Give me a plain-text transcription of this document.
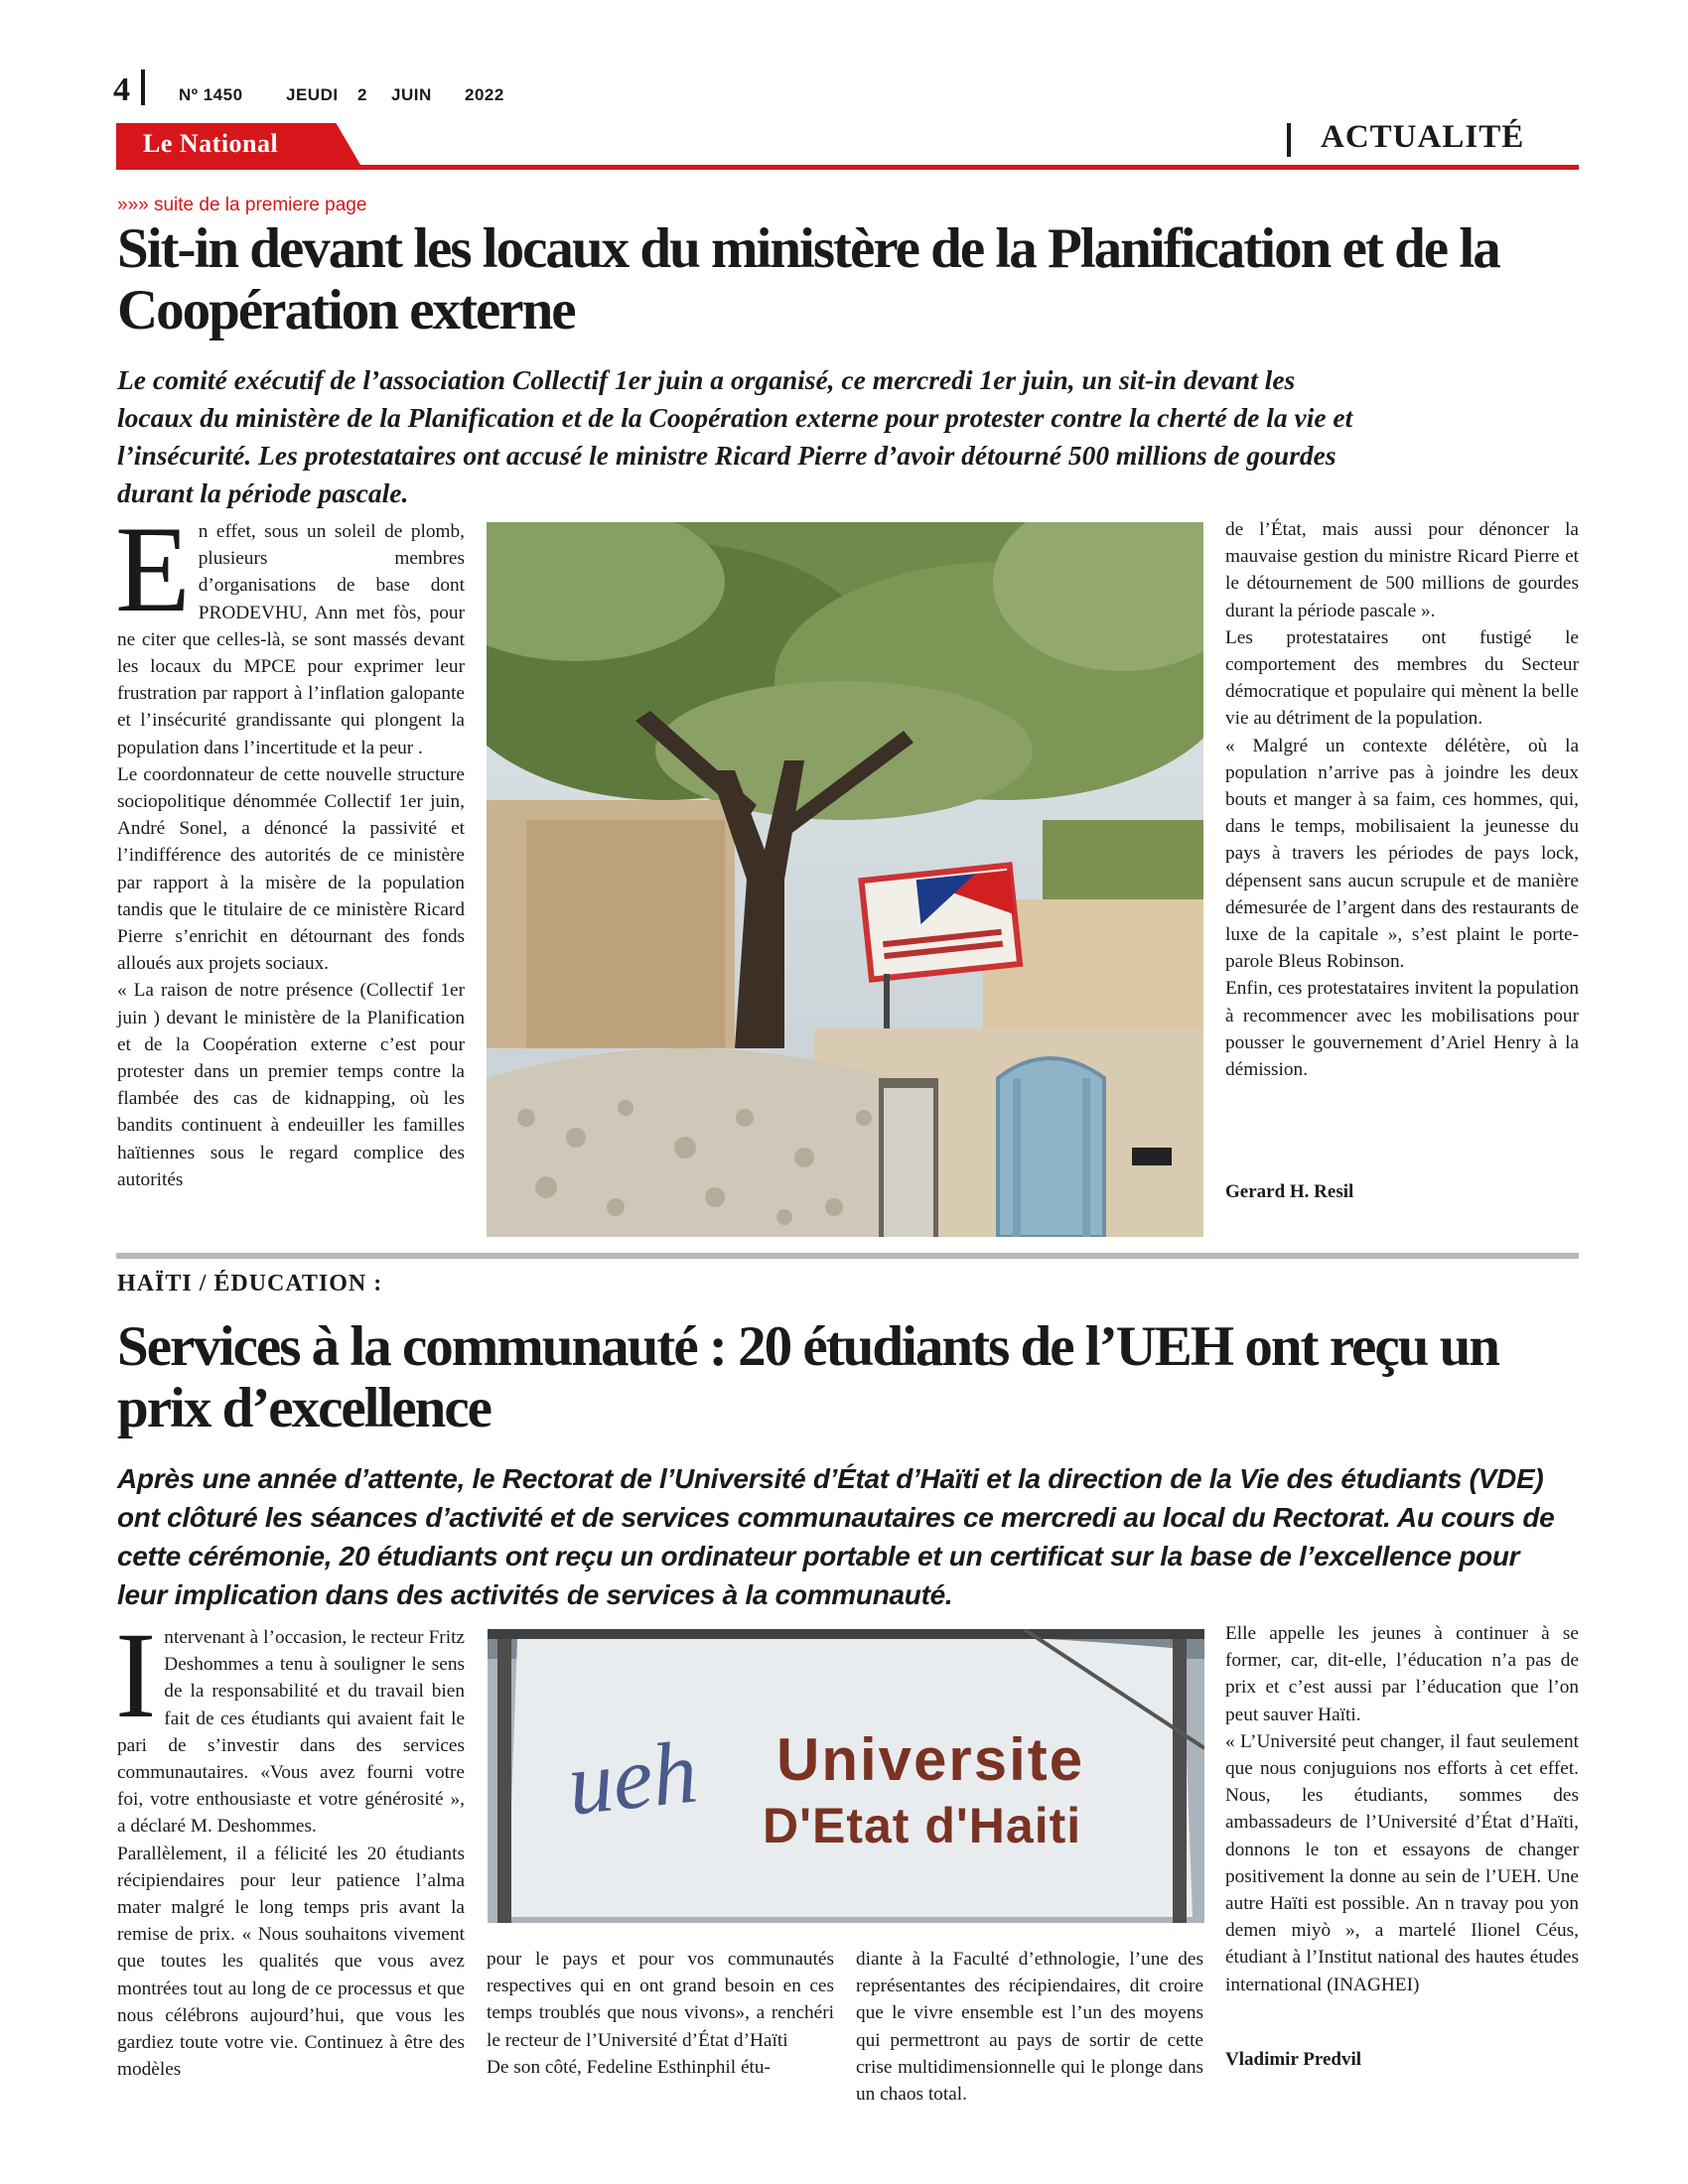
4	Nº 1450	JEUDI 2 JUIN 2022
Le National	ACTUALITÉ
»»» suite de la premiere page
Sit-in devant les locaux du ministère de la Planification et de la
Coopération externe
Le comité exécutif de l’association Collectif 1er juin a organisé, ce mercredi 1er juin, un sit-in devant les
locaux du ministère de la Planification et de la Coopération externe pour protester contre la cherté de la vie et
l’insécurité. Les protestataires ont accusé le ministre Ricard Pierre d’avoir détourné 500 millions de gourdes
durant la période pascale.

En effet, sous un soleil de plomb, plusieurs membres d’organisations de base dont PRODEVHU, Ann met fòs, pour ne citer que celles-là, se sont massés devant les locaux du MPCE pour exprimer leur frustration par rapport à l’inflation galopante et l’insécurité grandissante qui plongent la population dans l’incertitude et la peur .

Le coordonnateur de cette nouvelle structure sociopolitique dénommée Collectif 1er juin, André Sonel, a dénoncé la passivité et l’indifférence des autorités de ce ministère par rapport à la misère de la population tandis que le titulaire de ce ministère Ricard Pierre s’enrichit en détournant des fonds alloués aux projets sociaux.

« La raison de notre présence (Collectif 1er juin ) devant le ministère de la Planification et de la Coopération externe c’est pour protester dans un premier temps contre la flambée des cas de kidnapping, où les bandits continuent à endeuiller les familles haïtiennes sous le regard complice des autorités

de l’État, mais aussi pour dénoncer la mauvaise gestion du ministre Ricard Pierre et le détournement de 500 millions de gourdes durant la période pascale ».

Les protestataires ont fustigé le comportement des membres du Secteur démocratique et populaire qui mènent la belle vie au détriment de la population.

« Malgré un contexte délétère, où la population n’arrive pas à joindre les deux bouts et manger à sa faim, ces hommes, qui, dans le temps, mobilisaient la jeunesse du pays à travers les périodes de pays lock, dépensent sans aucun scrupule et de manière démesurée de l’argent dans des restaurants de luxe de la capitale », s’est plaint le porte-parole Bleus Robinson.

Enfin, ces protestataires invitent la population à recommencer avec les mobilisations pour pousser le gouvernement d’Ariel Henry à la démission.

Gerard H. Resil
HAÏTI / ÉDUCATION :
Services à la communauté : 20 étudiants de l’UEH ont reçu un
prix d’excellence
Après une année d’attente, le Rectorat de l’Université d’État d’Haïti et la direction de la Vie des étudiants (VDE)
ont clôturé les séances d’activité et de services communautaires ce mercredi au local du Rectorat. Au cours de
cette cérémonie, 20 étudiants ont reçu un ordinateur portable et un certificat sur la base de l’excellence pour
leur implication dans des activités de services à la communauté.

Intervenant à l’occasion, le recteur Fritz Deshommes a tenu à souligner le sens de la responsabilité et du travail bien fait de ces étudiants qui avaient fait le pari de s’investir dans des services communautaires. «Vous avez fourni votre foi, votre enthousiaste et votre générosité », a déclaré M. Deshommes.

Parallèlement, il a félicité les 20 étudiants récipiendaires pour leur patience l’alma mater malgré le long temps pris avant la remise de prix. « Nous souhaitons vivement que toutes les qualités que vous avez montrées tout au long de ce processus et que nous célébrons aujourd’hui, que vous les gardiez toute votre vie. Continuez à être des modèles

ueh Universite
D'Etat d'Haiti

pour le pays et pour vos communautés respectives qui en ont grand besoin en ces temps troublés que nous vivons», a renchéri le recteur de l’Université d’État d’Haïti

De son côté, Fedeline Esthinphil étu-

diante à la Faculté d’ethnologie, l’une des représentantes des récipiendaires, dit croire que le vivre ensemble est l’un des moyens qui permettront au pays de sortir de cette crise multidimensionnelle qui le plonge dans un chaos total.

Elle appelle les jeunes à continuer à se former, car, dit-elle, l’éducation n’a pas de prix et c’est aussi par l’éducation que l’on peut sauver Haïti.

« L’Université peut changer, il faut seulement que nous conjuguions nos efforts à cet effet. Nous, les étudiants, sommes des ambassadeurs de l’Université d’État d’Haïti, donnons le ton et essayons de changer positivement la donne au sein de l’UEH. Une autre Haïti est possible. An n travay pou yon demen miyò », a martelé Ilionel Céus, étudiant à l’Institut national des hautes études international (INAGHEI)

Vladimir Predvil
